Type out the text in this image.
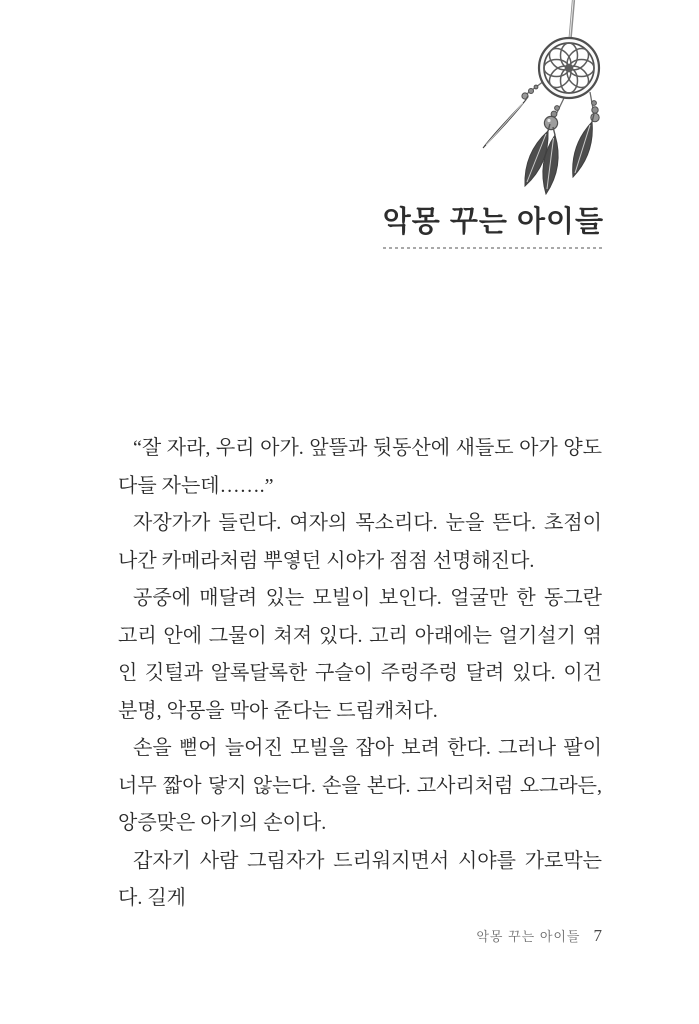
악몽 꾸는 아이들

“잘 자라, 우리 아가. 앞뜰과 뒷동산에 새들도 아가 양도 다들 자는데…….”

자장가가 들린다. 여자의 목소리다. 눈을 뜬다. 초점이 나간 카메라처럼 뿌옇던 시야가 점점 선명해진다.

공중에 매달려 있는 모빌이 보인다. 얼굴만 한 동그란 고리 안에 그물이 쳐져 있다. 고리 아래에는 얼기설기 엮인 깃털과 알록달록한 구슬이 주렁주렁 달려 있다. 이건 분명, 악몽을 막아 준다는 드림캐처다.

손을 뻗어 늘어진 모빌을 잡아 보려 한다. 그러나 팔이 너무 짧아 닿지 않는다. 손을 본다. 고사리처럼 오그라든, 앙증맞은 아기의 손이다.

갑자기 사람 그림자가 드리워지면서 시야를 가로막는다. 길게

악몽 꾸는 아이들 7
